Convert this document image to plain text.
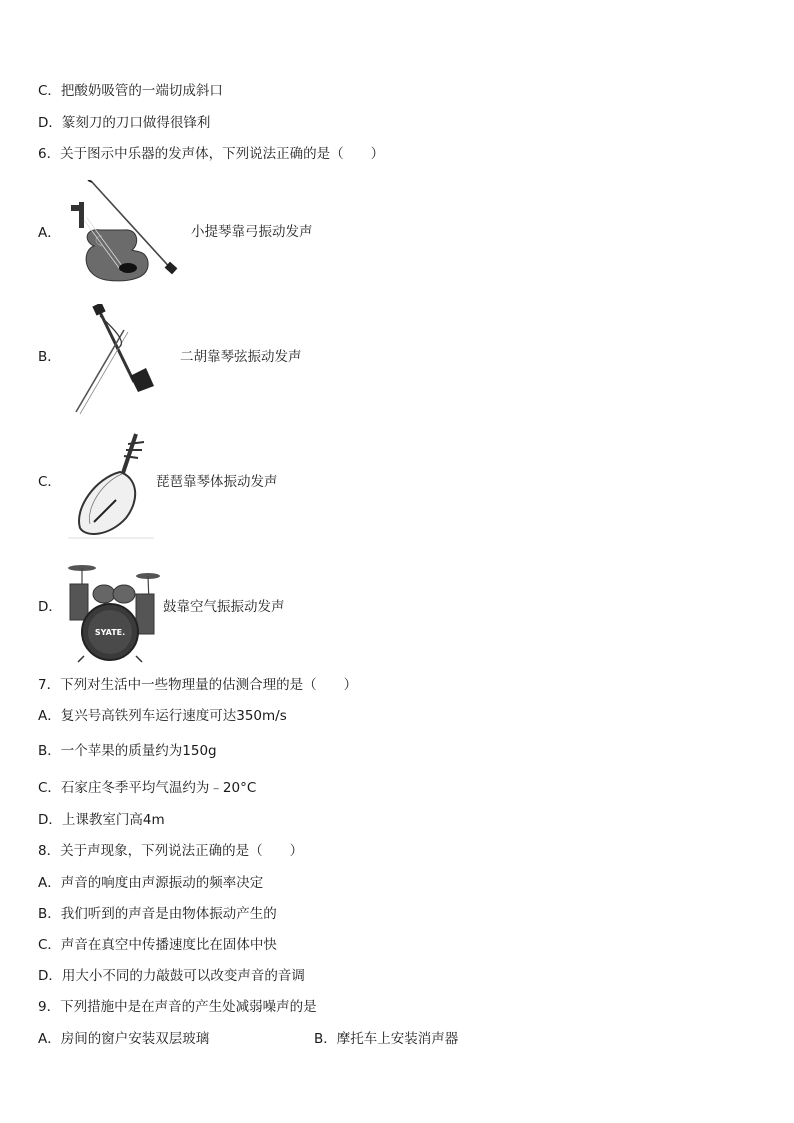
C．把酸奶吸管的一端切成斜口
D．篆刻刀的刀口做得很锋利
6．关于图示中乐器的发声体，下列说法正确的是（　　）
A．	小提琴靠弓振动发声
B．	二胡靠琴弦振动发声
C．	琵琶靠琴体振动发声
D．
SYATE.
鼓靠空气振振动发声
7．下列对生活中一些物理量的估测合理的是（　　）
A．复兴号高铁列车运行速度可达350m/s
B．一个苹果的质量约为150g
C．石家庄冬季平均气温约为﹣20°C
D．上课教室门高4m
8．关于声现象，下列说法正确的是（　　）
A．声音的响度由声源振动的频率决定
B．我们听到的声音是由物体振动产生的
C．声音在真空中传播速度比在固体中快
D．用大小不同的力敲鼓可以改变声音的音调
9．下列措施中是在声音的产生处减弱噪声的是
A．房间的窗户安装双层玻璃	B．摩托车上安装消声器
